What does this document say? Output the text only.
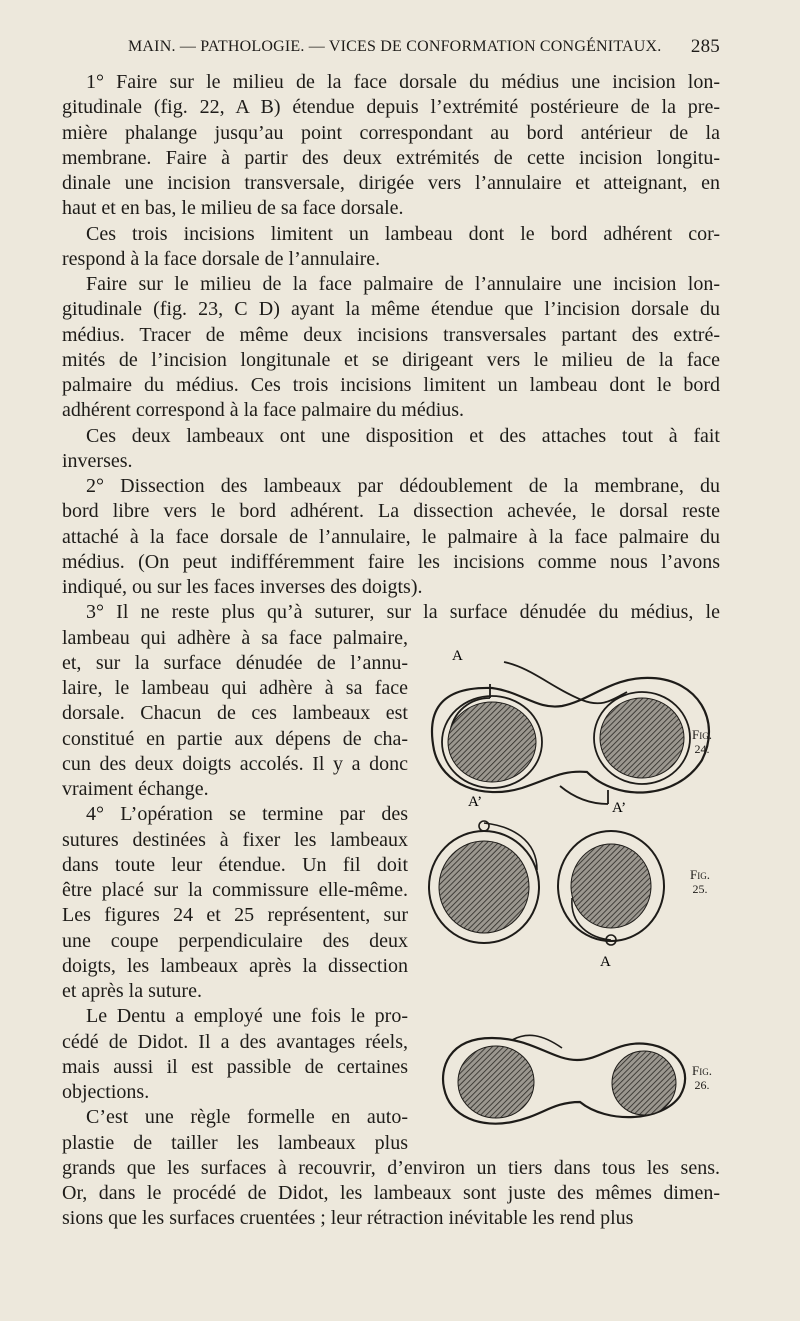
MAIN. — PATHOLOGIE. — VICES DE CONFORMATION CONGÉNITAUX. 285
1° Faire sur le milieu de la face dorsale du médius une incision lon-
gitudinale (fig. 22, A B) étendue depuis l’extrémité postérieure de la pre-
mière phalange jusqu’au point correspondant au bord antérieur de la
membrane. Faire à partir des deux extrémités de cette incision longitu-
dinale une incision transversale, dirigée vers l’annulaire et atteignant, en
haut et en bas, le milieu de sa face dorsale.
Ces trois incisions limitent un lambeau dont le bord adhérent cor-
respond à la face dorsale de l’annulaire.
Faire sur le milieu de la face palmaire de l’annulaire une incision lon-
gitudinale (fig. 23, C D) ayant la même étendue que l’incision dorsale du
médius. Tracer de même deux incisions transversales partant des extré-
mités de l’incision longitunale et se dirigeant vers le milieu de la face
palmaire du médius. Ces trois incisions limitent un lambeau dont le bord
adhérent correspond à la face palmaire du médius.
Ces deux lambeaux ont une disposition et des attaches tout à fait
inverses.
2° Dissection des lambeaux par dédoublement de la membrane, du
bord libre vers le bord adhérent. La dissection achevée, le dorsal reste
attaché à la face dorsale de l’annulaire, le palmaire à la face palmaire du
médius. (On peut indifféremment faire les incisions comme nous l’avons
indiqué, ou sur les faces inverses des doigts).
3° Il ne reste plus qu’à suturer, sur la surface dénudée du médius, le
lambeau qui adhère à sa face palmaire,
et, sur la surface dénudée de l’annu-
laire, le lambeau qui adhère à sa face
dorsale. Chacun de ces lambeaux est
constitué en partie aux dépens de cha-
cun des deux doigts accolés. Il y a donc
vraiment échange.
4° L’opération se termine par des
sutures destinées à fixer les lambeaux
dans toute leur étendue. Un fil doit
être placé sur la commissure elle-même.
Les figures 24 et 25 représentent, sur
une coupe perpendiculaire des deux
doigts, les lambeaux après la dissection
et après la suture.
Le Dentu a employé une fois le pro-
cédé de Didot. Il a des avantages réels,
mais aussi il est passible de certaines
objections.
C’est une règle formelle en auto-
plastie de tailler les lambeaux plus
grands que les surfaces à recouvrir, d’environ un tiers dans tous les sens.
Or, dans le procédé de Didot, les lambeaux sont juste des mêmes dimen-
sions que les surfaces cruentées ; leur rétraction inévitable les rend plus
A
A’
A’
A
Fig.
24.
Fig.
25.
Fig.
26.
